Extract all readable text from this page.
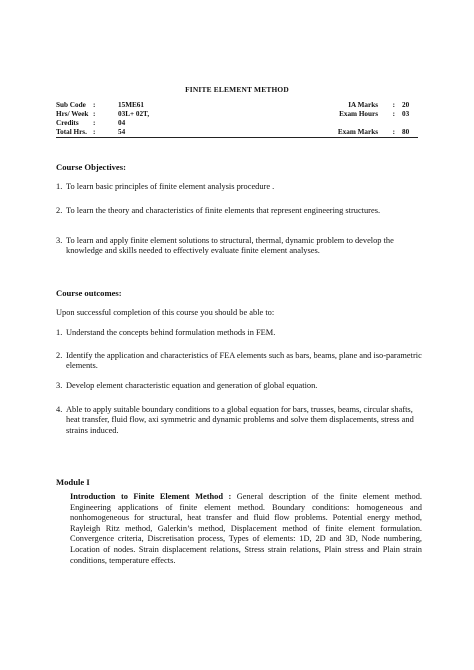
FINITE ELEMENT METHOD
Sub Code :	15ME61	IA Marks : 20
Hrs/ Week :	03L+ 02T,	Exam Hours : 03
Credits :	04
Total Hrs. :	54	Exam Marks : 80
Course Objectives:
1. To learn basic principles of finite element analysis procedure .
2. To learn the theory and characteristics of finite elements that represent engineering structures.
3. To learn and apply finite element solutions to structural, thermal, dynamic problem to develop the knowledge and skills needed to effectively evaluate finite element analyses.
Course outcomes:
Upon successful completion of this course you should be able to:
1. Understand the concepts behind formulation methods in FEM.
2. Identify the application and characteristics of FEA elements such as bars, beams, plane and iso-parametric elements.
3. Develop element characteristic equation and generation of global equation.
4. Able to apply suitable boundary conditions to a global equation for bars, trusses, beams, circular shafts, heat transfer, fluid flow, axi symmetric and dynamic problems and solve them displacements, stress and strains induced.
Module I
Introduction to Finite Element Method : General description of the finite element method. Engineering applications of finite element method. Boundary conditions: homogeneous and nonhomogeneous for structural, heat transfer and fluid flow problems. Potential energy method, Rayleigh Ritz method, Galerkin’s method, Displacement method of finite element formulation. Convergence criteria, Discretisation process, Types of elements: 1D, 2D and 3D, Node numbering, Location of nodes. Strain displacement relations, Stress strain relations, Plain stress and Plain strain conditions, temperature effects.
